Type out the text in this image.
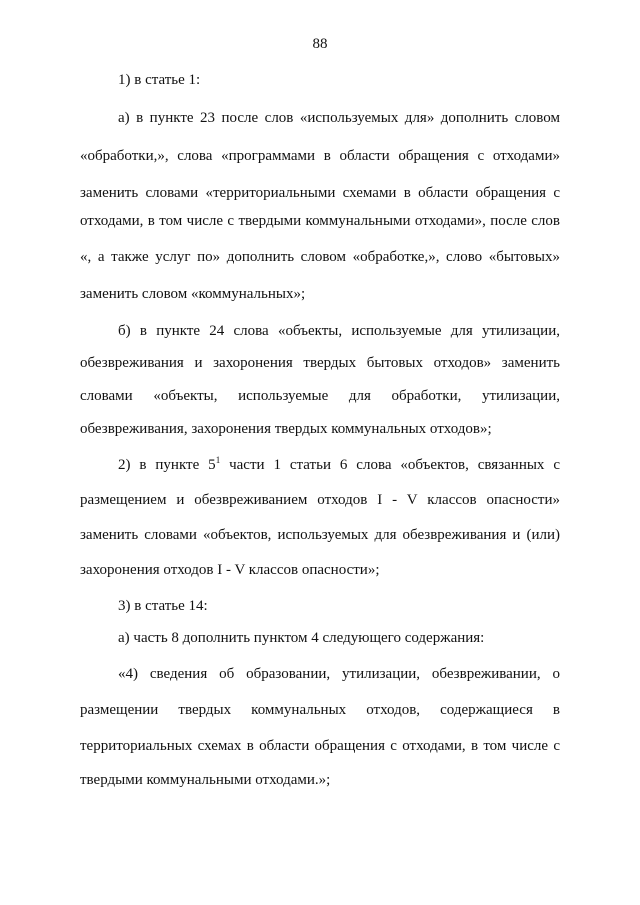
88
1) в статье 1:
а) в пункте 23 после слов «используемых для» дополнить словом
«обработки,», слова «программами в области обращения с отходами»
заменить словами «территориальными схемами в области обращения с
отходами, в том числе с твердыми коммунальными отходами», после слов
«, а также услуг по» дополнить словом «обработке,», слово «бытовых»
заменить словом «коммунальных»;
б) в пункте 24 слова «объекты, используемые для утилизации,
обезвреживания и захоронения твердых бытовых отходов» заменить
словами «объекты, используемые для обработки, утилизации,
обезвреживания, захоронения твердых коммунальных отходов»;
2) в пункте $5^1$ части 1 статьи 6 слова «объектов, связанных с
размещением и обезвреживанием отходов I - V классов опасности»
заменить словами «объектов, используемых для обезвреживания и (или)
захоронения отходов I - V классов опасности»;
3) в статье 14:
а) часть 8 дополнить пунктом 4 следующего содержания:
«4) сведения об образовании, утилизации, обезвреживании, о
размещении твердых коммунальных отходов, содержащиеся в
территориальных схемах в области обращения с отходами, в том числе с
твердыми коммунальными отходами.»;
